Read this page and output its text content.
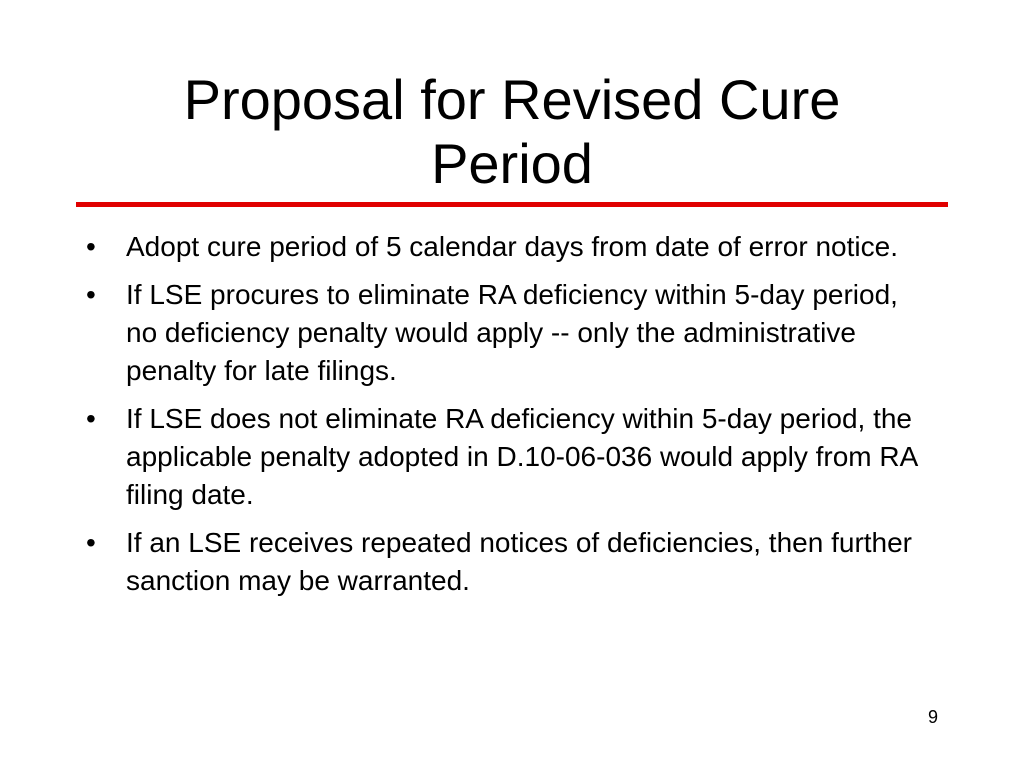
Proposal for Revised Cure
Period
•	Adopt cure period of 5 calendar days from date of error notice.
•	If LSE procures to eliminate RA deficiency within 5-day period, no deficiency penalty would apply -- only the administrative penalty for late filings.
•	If LSE does not eliminate RA deficiency within 5-day period, the applicable penalty adopted in D.10-06-036 would apply from RA filing date.
•	If an LSE receives repeated notices of deficiencies, then further sanction may be warranted.
9
